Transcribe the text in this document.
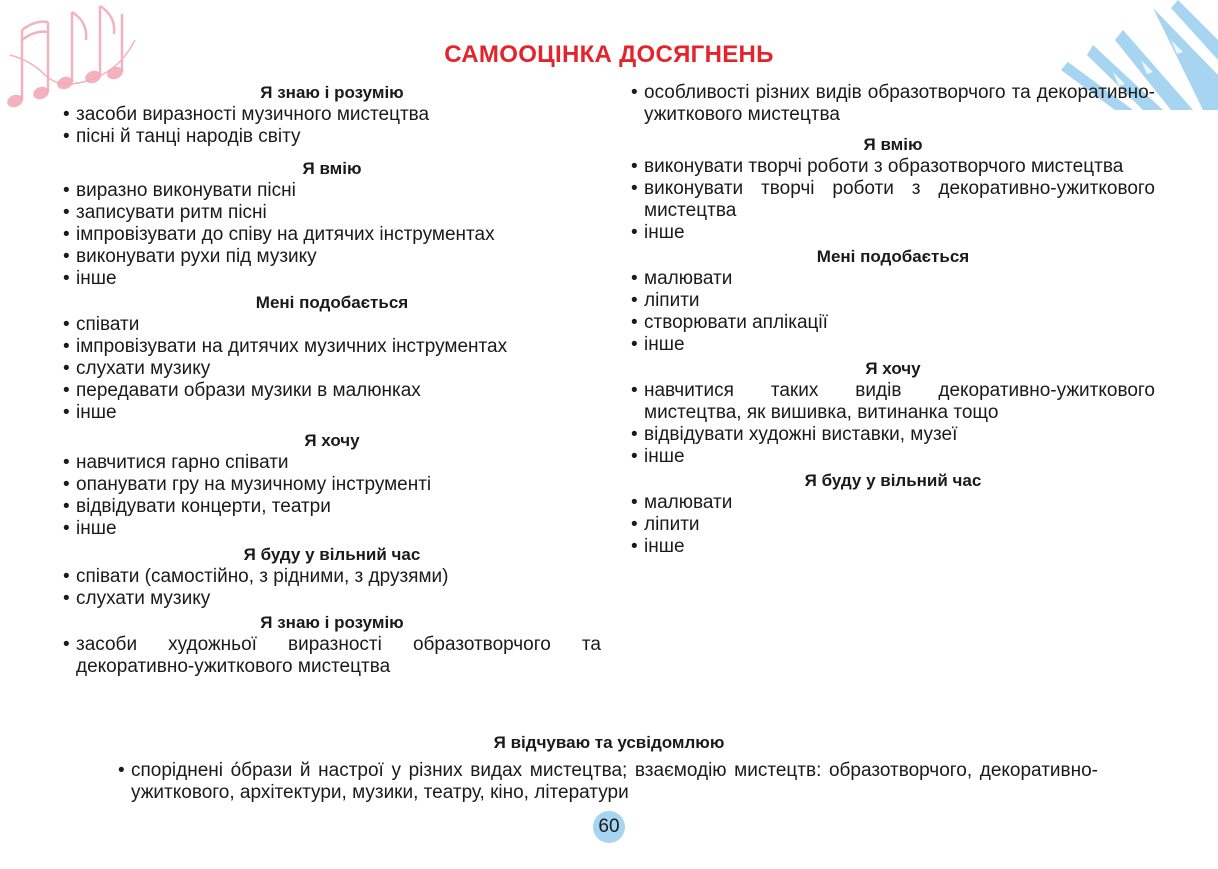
САМООЦІНКА ДОСЯГНЕНЬ

Я знаю і розумію

• засоби виразності музичного мистецтва
• пісні й танці народів світу

Я вмію

• виразно виконувати пісні
• записувати ритм пісні
• імпровізувати до співу на дитячих інструментах
• виконувати рухи під музику
• інше

Мені подобається

• співати
• імпровізувати на дитячих музичних інструментах
• слухати музику
• передавати образи музики в малюнках
• інше

Я хочу

• навчитися гарно співати
• опанувати гру на музичному інструменті
• відвідувати концерти, театри
• інше

Я буду у вільний час

• співати (самостійно, з рідними, з друзями)
• слухати музику

Я знаю і розумію

• засоби художньої виразності образотворчого та декоративно-ужиткового мистецтва
• особливості різних видів образотворчого та декоративно-ужиткового мистецтва

Я вмію

• виконувати творчі роботи з образотворчого мистецтва
• виконувати творчі роботи з декоративно-ужиткового мистецтва
• інше

Мені подобається

• малювати
• ліпити
• створювати аплікації
• інше

Я хочу

• навчитися таких видів декоративно-ужиткового мистецтва, як вишивка, витинанка тощо
• відвідувати художні виставки, музеї
• інше

Я буду у вільний час

• малювати
• ліпити
• інше
Я відчуваю та усвідомлюю
• споріднені о́брази й настрої у різних видах мистецтва; взаємодію мистецтв: образотворчого, декоративно-ужиткового, архітектури, музики, театру, кіно, літератури
60
